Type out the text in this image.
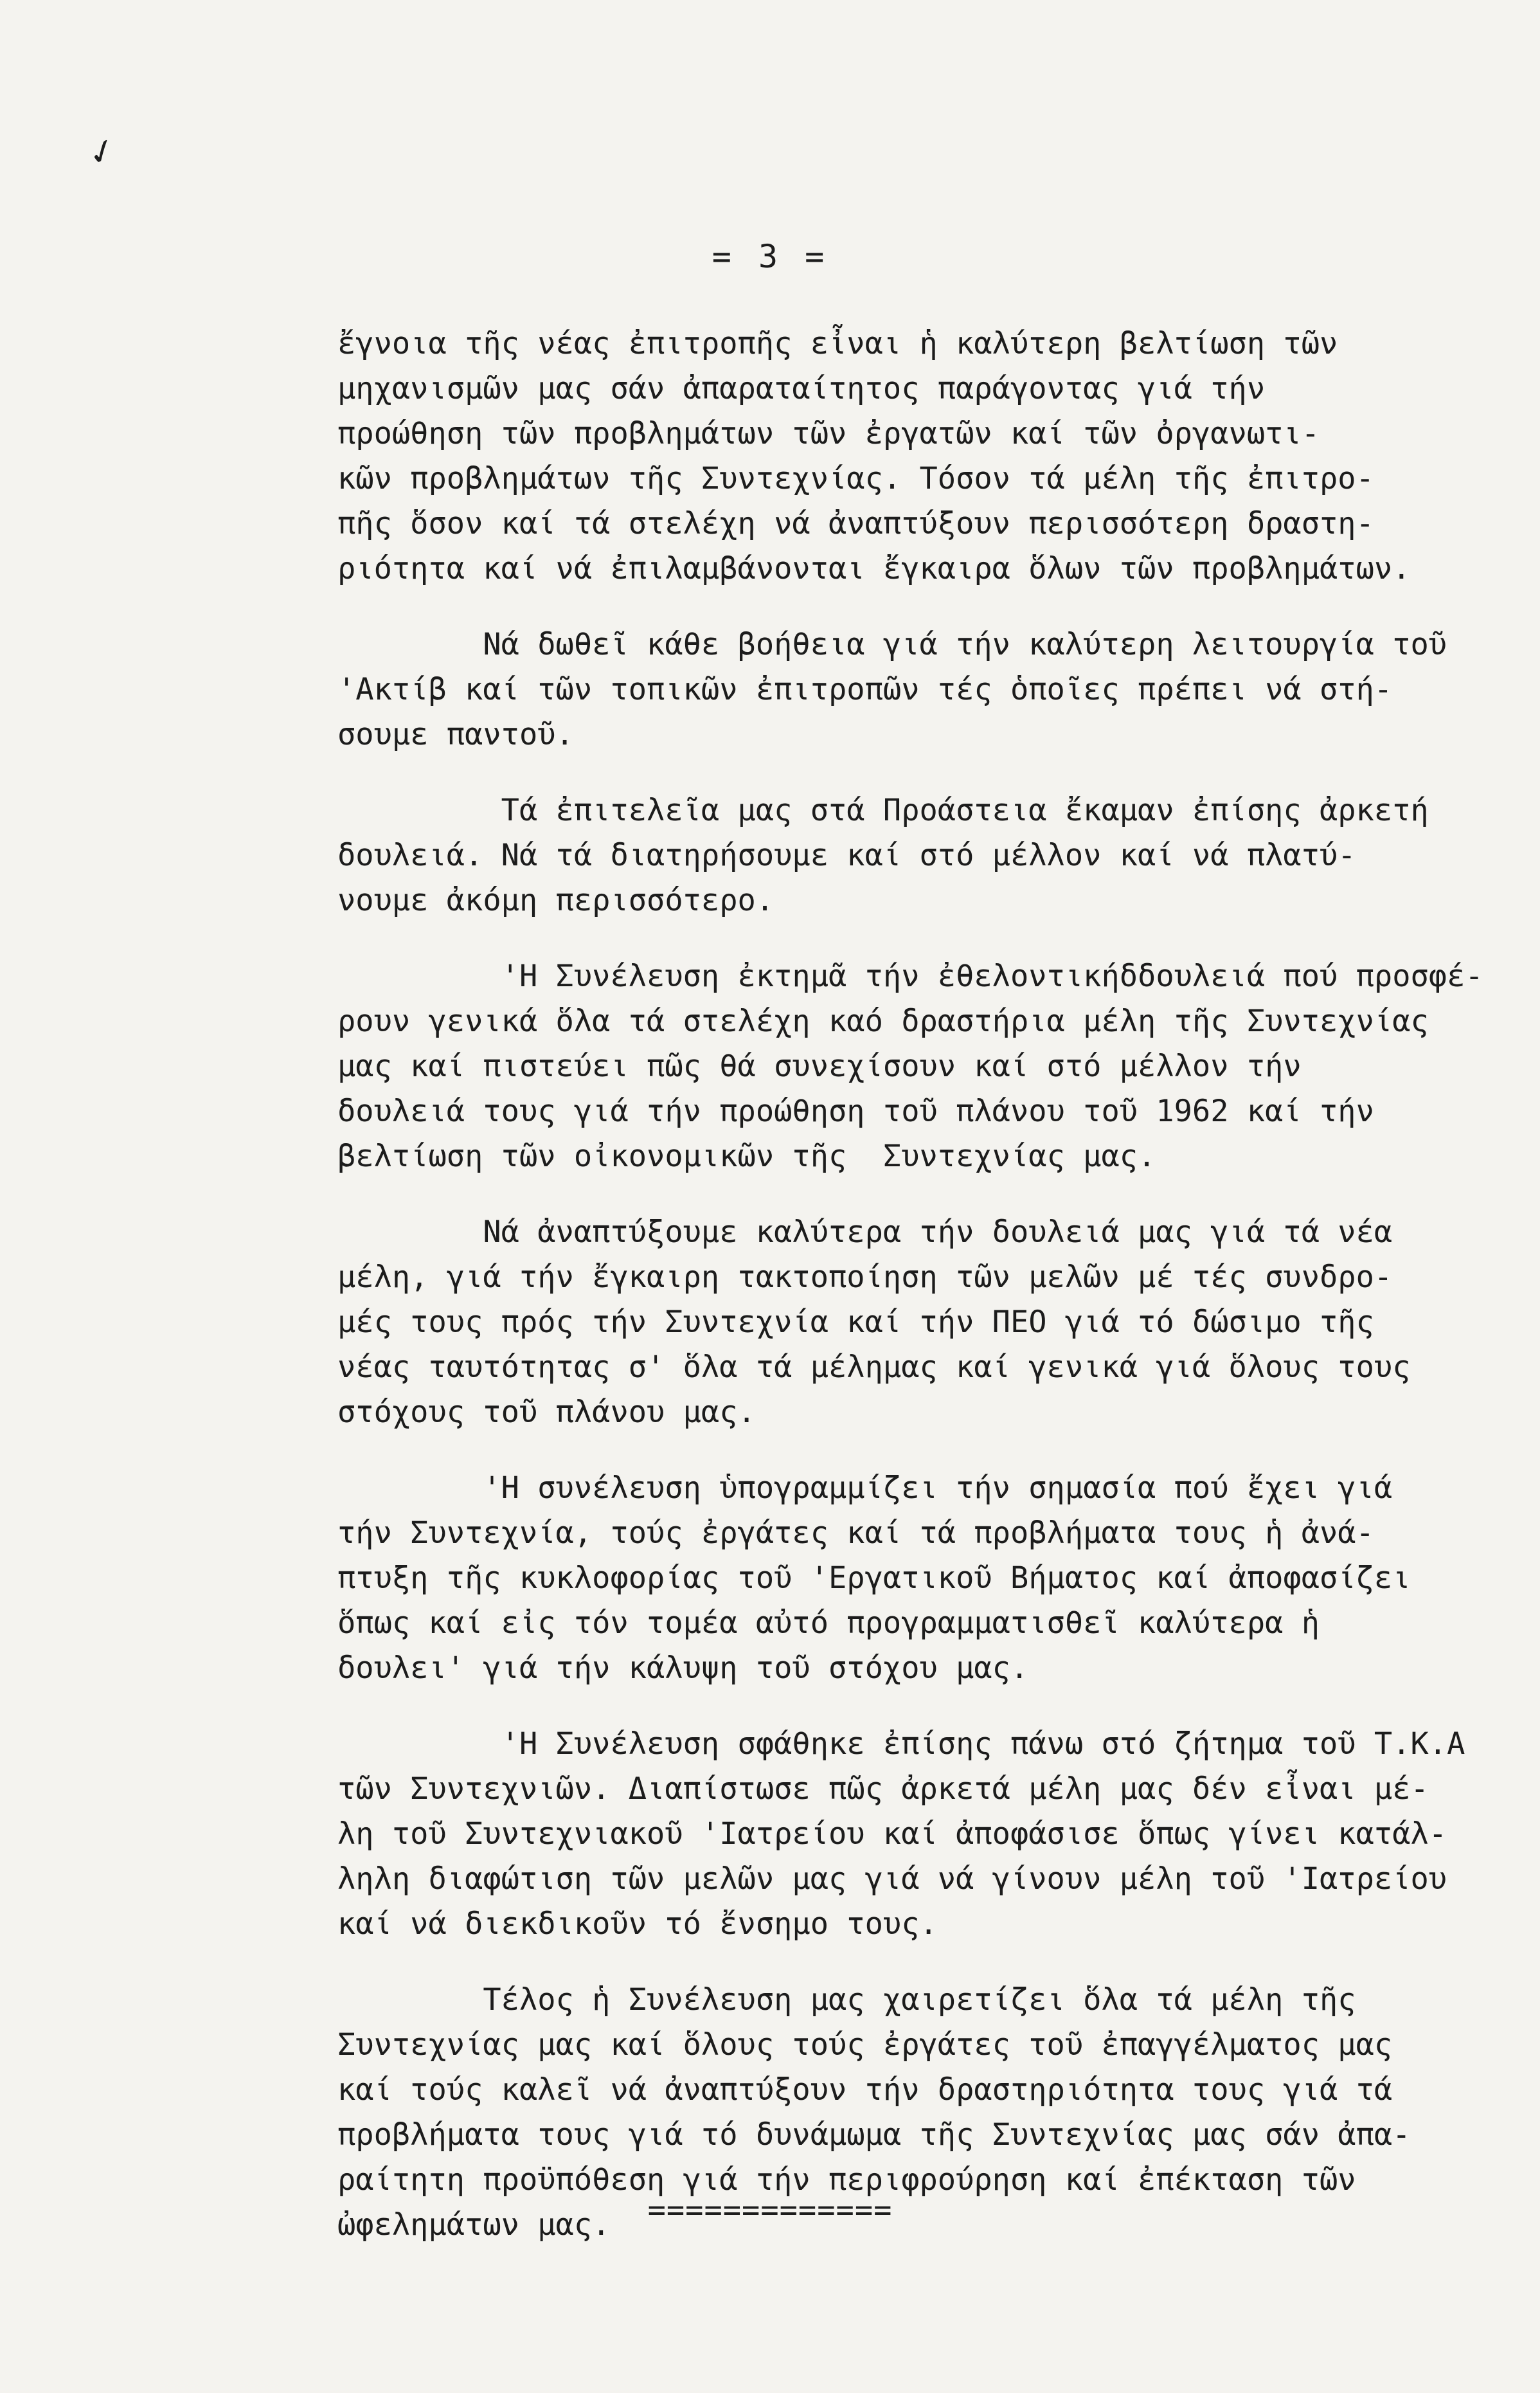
✓
= 3 =
ἔγνοια τῆς νέας ἐπιτροπῆς εἶναι ἡ καλύτερη βελτίωση τῶν
μηχανισμῶν μας σάν ἀπαραταίτητος παράγοντας γιά τήν
προώθηση τῶν προβλημάτων τῶν ἐργατῶν καί τῶν ὀργανωτι-
κῶν προβλημάτων τῆς Συντεχνίας. Τόσον τά μέλη τῆς ἐπιτρο-
πῆς ὅσον καί τά στελέχη νά ἀναπτύξουν περισσότερη δραστη-
ριότητα καί νά ἐπιλαμβάνονται ἔγκαιρα ὅλων τῶν προβλημάτων.
Νά δωθεῖ κάθε βοήθεια γιά τήν καλύτερη λειτουργία τοῦ
'Ακτίβ καί τῶν τοπικῶν ἐπιτροπῶν τές ὁποῖες πρέπει νά στή-
σουμε παντοῦ.
Τά ἐπιτελεῖα μας στά Προάστεια ἔκαμαν ἐπίσης ἀρκετή
δουλειά. Νά τά διατηρήσουμε καί στό μέλλον καί νά πλατύ-
νουμε ἀκόμη περισσότερο.
'Η Συνέλευση ἐκτημᾶ τήν ἐθελοντικήδδουλειά πού προσφέ-
ρουν γενικά ὅλα τά στελέχη καό δραστήρια μέλη τῆς Συντεχνίας
μας καί πιστεύει πῶς θά συνεχίσουν καί στό μέλλον τήν
δουλειά τους γιά τήν προώθηση τοῦ πλάνου τοῦ 1962 καί τήν
βελτίωση τῶν οἰκονομικῶν τῆς  Συντεχνίας μας.
Νά ἀναπτύξουμε καλύτερα τήν δουλειά μας γιά τά νέα
μέλη, γιά τήν ἔγκαιρη τακτοποίηση τῶν μελῶν μέ τές συνδρο-
μές τους πρός τήν Συντεχνία καί τήν ΠΕΟ γιά τό δώσιμο τῆς
νέας ταυτότητας σ' ὅλα τά μέλημας καί γενικά γιά ὅλους τους
στόχους τοῦ πλάνου μας.
'Η συνέλευση ὑπογραμμίζει τήν σημασία πού ἔχει γιά
τήν Συντεχνία, τούς ἐργάτες καί τά προβλήματα τους ἡ ἀνά-
πτυξη τῆς κυκλοφορίας τοῦ 'Εργατικοῦ Βήματος καί ἀποφασίζει
ὅπως καί εἰς τόν τομέα αὐτό προγραμματισθεῖ καλύτερα ἡ
δουλει' γιά τήν κάλυψη τοῦ στόχου μας.
'Η Συνέλευση σφάθηκε ἐπίσης πάνω στό ζήτημα τοῦ Τ.Κ.Α
τῶν Συντεχνιῶν. Διαπίστωσε πῶς ἀρκετά μέλη μας δέν εἶναι μέ-
λη τοῦ Συντεχνιακοῦ 'Ιατρείου καί ἀποφάσισε ὅπως γίνει κατάλ-
ληλη διαφώτιση τῶν μελῶν μας γιά νά γίνουν μέλη τοῦ 'Ιατρείου
καί νά διεκδικοῦν τό ἔνσημο τους.
Τέλος ἡ Συνέλευση μας χαιρετίζει ὅλα τά μέλη τῆς
Συντεχνίας μας καί ὅλους τούς ἐργάτες τοῦ ἐπαγγέλματος μας
καί τούς καλεῖ νά ἀναπτύξουν τήν δραστηριότητα τους γιά τά
προβλήματα τους γιά τό δυνάμωμα τῆς Συντεχνίας μας σάν ἀπα-
ραίτητη προϋπόθεση γιά τήν περιφρούρηση καί ἐπέκταση τῶν
ὠφελημάτων μας.	=============
